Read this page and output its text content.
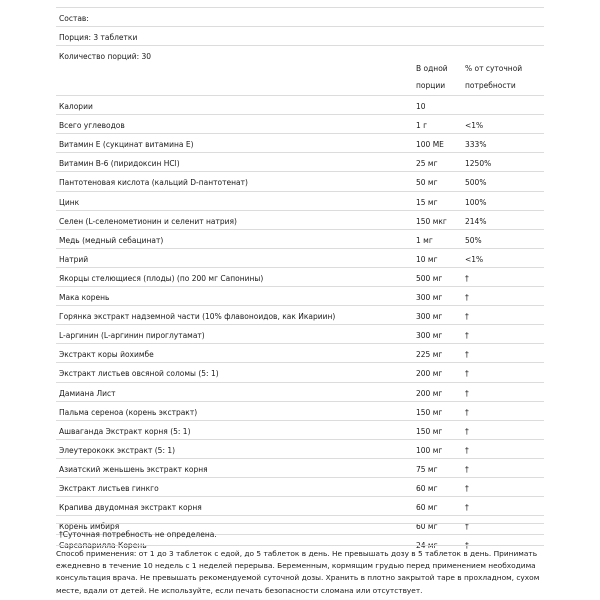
Состав:
Порция: 3 таблетки
Количество порций: 30
В одной порции
% от суточной потребности
Калории	10
Всего углеводов	1 г	<1%
Витамин E (сукцинат витамина E)	100 МЕ	333%
Витамин B-6 (пиридоксин HCl)	25 мг	1250%
Пантотеновая кислота (кальций D-пантотенат)	50 мг	500%
Цинк	15 мг	100%
Селен (L-селенометионин и селенит натрия)	150 мкг 214%
Медь (медный себацинат)	1 мг	50%
Натрий	10 мг	<1%
Якорцы стелющиеся (плоды) (по 200 мг Сапонины)	500 мг	†
Мака корень	300 мг	†
Горянка экстракт надземной части (10% флавоноидов, как Икариин)	300 мг	†
L-аргинин (L-аргинин пироглутамат)	300 мг	†
Экстракт коры йохимбе	225 мг	†
Экстракт листьев овсяной соломы (5: 1)	200 мг	†
Дамиана Лист	200 мг	†
Пальма сереноа (корень экстракт)	150 мг	†
Ашваганда Экстракт корня (5: 1)	150 мг	†
Элеутерококк экстракт (5: 1)	100 мг	†
Азиатский женьшень экстракт корня	75 мг	†
Экстракт листьев гинкго	60 мг	†
Крапива двудомная экстракт корня	60 мг	†
Корень имбиря	60 мг	†
Сарсапарилла Корень	24 мг	†
†Суточная потребность не определена.
Способ применения: от 1 до 3 таблеток с едой, до 5 таблеток в день. Не превышать дозу в 5 таблеток в день. Принимать ежедневно в течение 10 недель с 1 неделей перерыва. Беременным, кормящим грудью перед применением необходима консультация врача. Не превышать рекомендуемой суточной дозы. Хранить в плотно закрытой таре в прохладном, сухом месте, вдали от детей. Не используйте, если печать безопасности сломана или отсутствует.
